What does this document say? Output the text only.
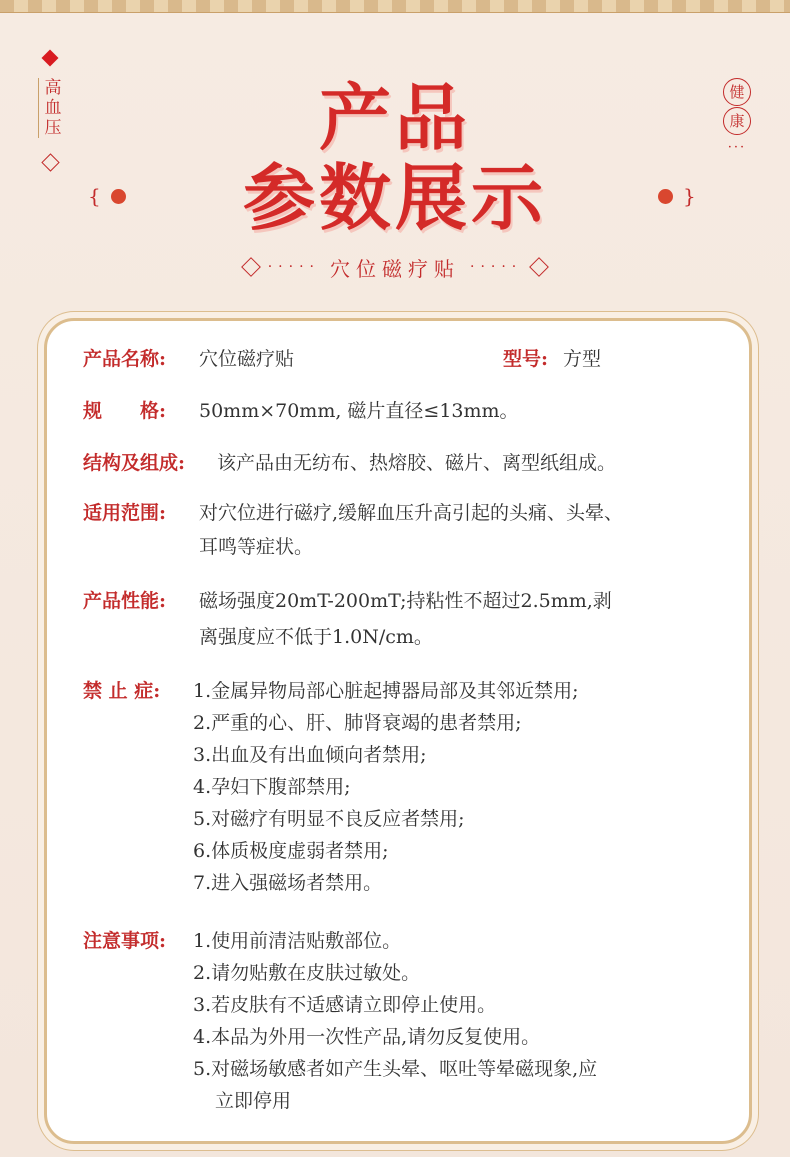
高血压
健
康
···
产品
参数展示
{	}
····· 穴位磁疗贴 ·····
产品名称: 穴位磁疗贴	型号: 方型
规　　格: 50mm×70mm, 磁片直径≤13mm。
结构及组成: 该产品由无纺布、热熔胶、磁片、离型纸组成。
适用范围: 对穴位进行磁疗,缓解血压升高引起的头痛、头晕、
耳鸣等症状。
产品性能: 磁场强度20mT-200mT;持粘性不超过2.5mm,剥
离强度应不低于1.0N/cm。
禁 止 症: 1.金属异物局部心脏起搏器局部及其邻近禁用;
2.严重的心、肝、肺肾衰竭的患者禁用;
3.出血及有出血倾向者禁用;
4.孕妇下腹部禁用;
5.对磁疗有明显不良反应者禁用;
6.体质极度虚弱者禁用;
7.进入强磁场者禁用。
注意事项: 1.使用前清洁贴敷部位。
2.请勿贴敷在皮肤过敏处。
3.若皮肤有不适感请立即停止使用。
4.本品为外用一次性产品,请勿反复使用。
5.对磁场敏感者如产生头晕、呕吐等晕磁现象,应
立即停用
